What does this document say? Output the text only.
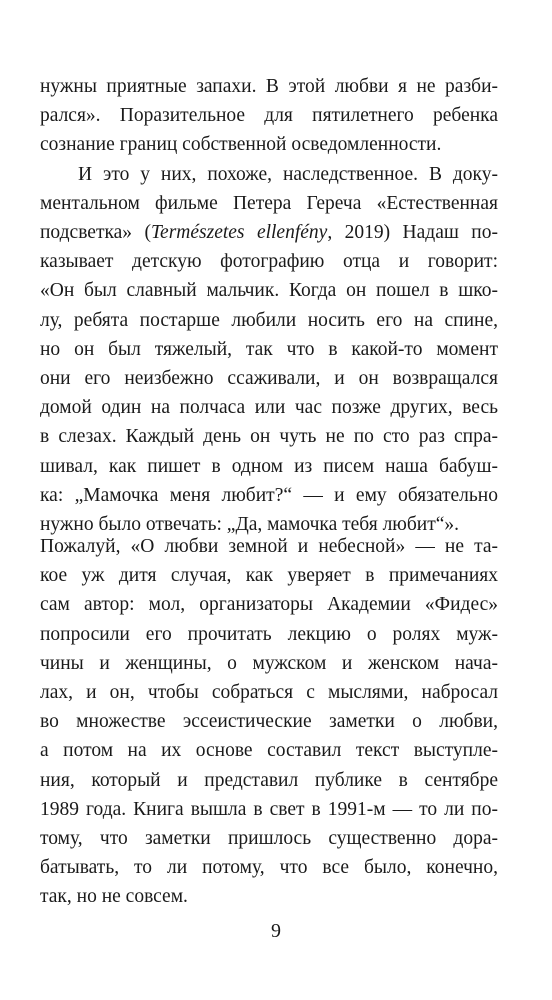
нужны приятные запахи. В этой любви я не разби-
рался». Поразительное для пятилетнего ребенка
сознание границ собственной осведомленности.
И это у них, похоже, наследственное. В доку-
ментальном фильме Петера Гереча «Естественная
подсветка» (Természetes ellenfény, 2019) Надаш по-
казывает детскую фотографию отца и говорит:
«Он был славный мальчик. Когда он пошел в шко-
лу, ребята постарше любили носить его на спине,
но он был тяжелый, так что в какой-то момент
они его неизбежно ссаживали, и он возвращался
домой один на полчаса или час позже других, весь
в слезах. Каждый день он чуть не по сто раз спра-
шивал, как пишет в одном из писем наша бабуш-
ка: „Мамочка меня любит?“ — и ему обязательно
нужно было отвечать: „Да, мамочка тебя любит“».
Пожалуй, «О любви земной и небесной» — не та-
кое уж дитя случая, как уверяет в примечаниях
сам автор: мол, организаторы Академии «Фидес»
попросили его прочитать лекцию о ролях муж-
чины и женщины, о мужском и женском нача-
лах, и он, чтобы собраться с мыслями, набросал
во множестве эссеистические заметки о любви,
а потом на их основе составил текст выступле-
ния, который и представил публике в сентябре
1989 года. Книга вышла в свет в 1991-м — то ли по-
тому, что заметки пришлось существенно дора-
батывать, то ли потому, что все было, конечно,
так, но не совсем.
9
